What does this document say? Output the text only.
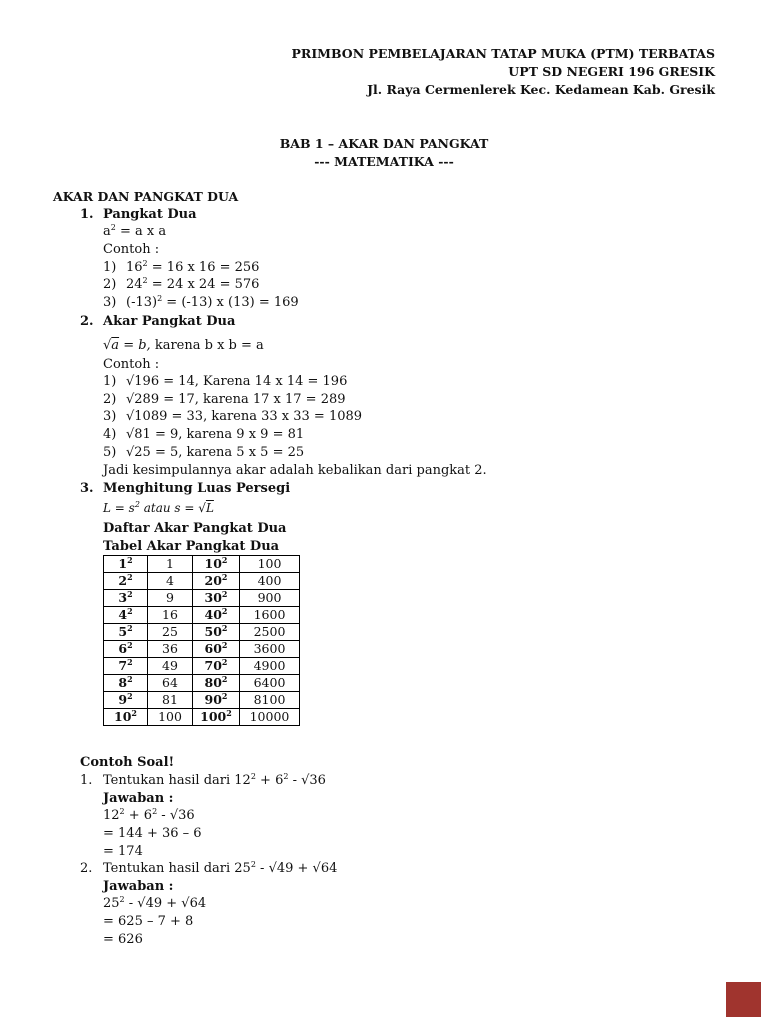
PRIMBON PEMBELAJARAN TATAP MUKA (PTM) TERBATAS
UPT SD NEGERI 196 GRESIK
Jl. Raya Cermenlerek Kec. Kedamean Kab. Gresik
BAB 1 – AKAR DAN PANGKAT
--- MATEMATIKA ---
AKAR DAN PANGKAT DUA
1. Pangkat Dua
$a^2 = a$ x a
Contoh :
1) $16^2 = 16$ x 16 = 256
2) $24^2 = 24$ x 24 = 576
3) $(-13)^2 = (-13)$ x (13) = 169
2. Akar Pangkat Dua
√a = b, karena b x b = a
Contoh :
1) √196 = 14, Karena 14 x 14 = 196
2) √289 = 17, karena 17 x 17 = 289
3) √1089 = 33, karena 33 x 33 = 1089
4) √81 = 9, karena 9 x 9 = 81
5) √25 = 5, karena 5 x 5 = 25
Jadi kesimpulannya akar adalah kebalikan dari pangkat 2.
3. Menghitung Luas Persegi
$L = s^2$ atau s = √L
Daftar Akar Pangkat Dua
Tabel Akar Pangkat Dua
$1^2$	1	$10^2$	100
$2^2$	4	$20^2$	400
$3^2$	9	$30^2$	900
$4^2$	16	$40^2$	1600
$5^2$	25	$50^2$	2500
$6^2$	36	$60^2$	3600
$7^2$	49	$70^2$	4900
$8^2$	64	$80^2$	6400
$9^2$	81	$90^2$	8100
$10^2$	100	$100^2$	10000
Contoh Soal!
1. Tentukan hasil dari $12^2 + 6^2 - √36$
Jawaban :
$12^2 + 6^2 - √36$
= 144 + 36 – 6
= 174
2. Tentukan hasil dari $25^2 - √49 + √64$
Jawaban :
$25^2 - √49 + √64$
= 625 – 7 + 8
= 626
